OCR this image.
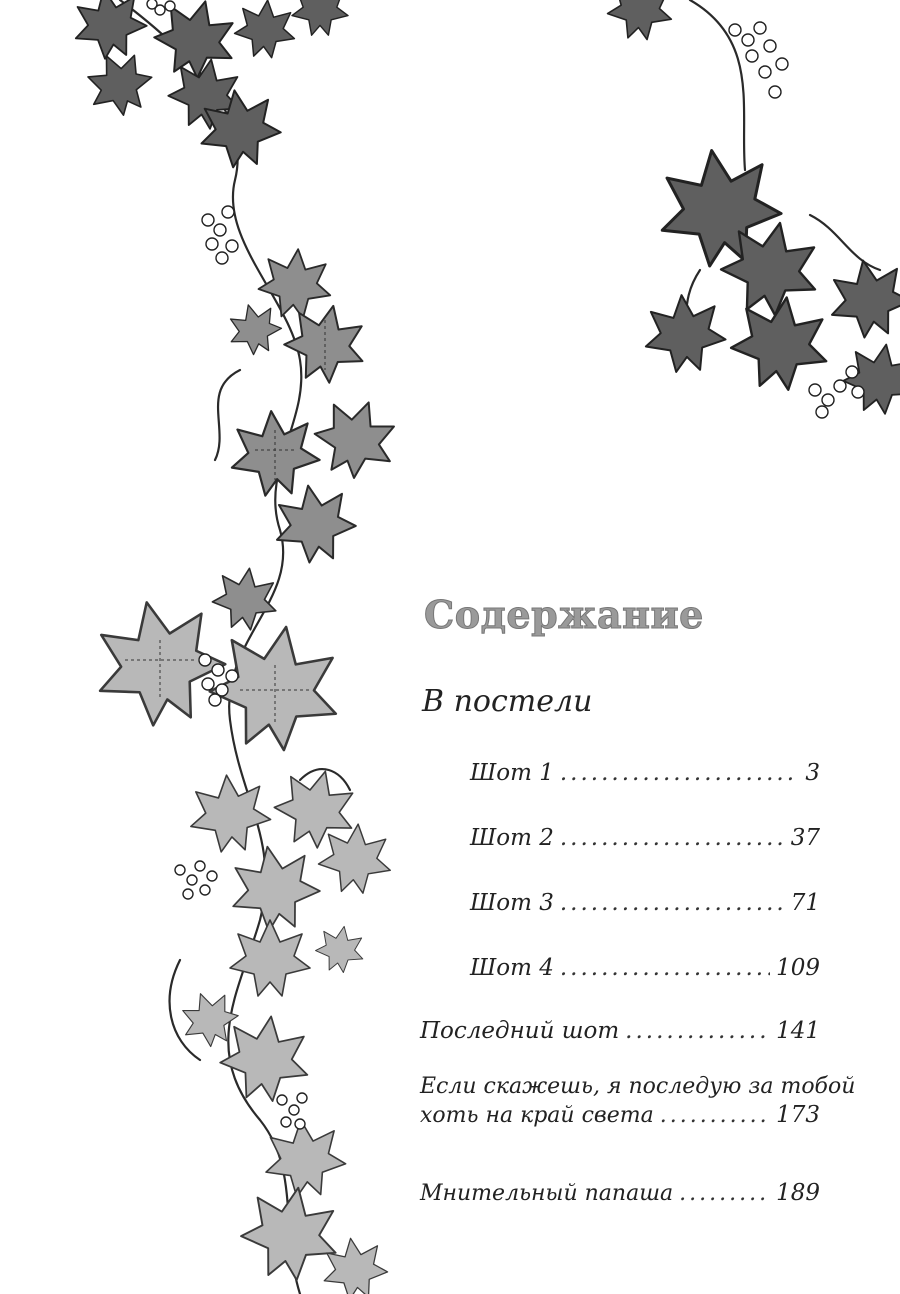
Содержание
В постели
Шот 1 .....	3
Шот 2 .....	37
Шот 3 .....	71
Шот 4 .....	109
Последний шот .....	141
Если скажешь, я последую за тобой
хоть на край света .....	173
Мнительный папаша .....	189
